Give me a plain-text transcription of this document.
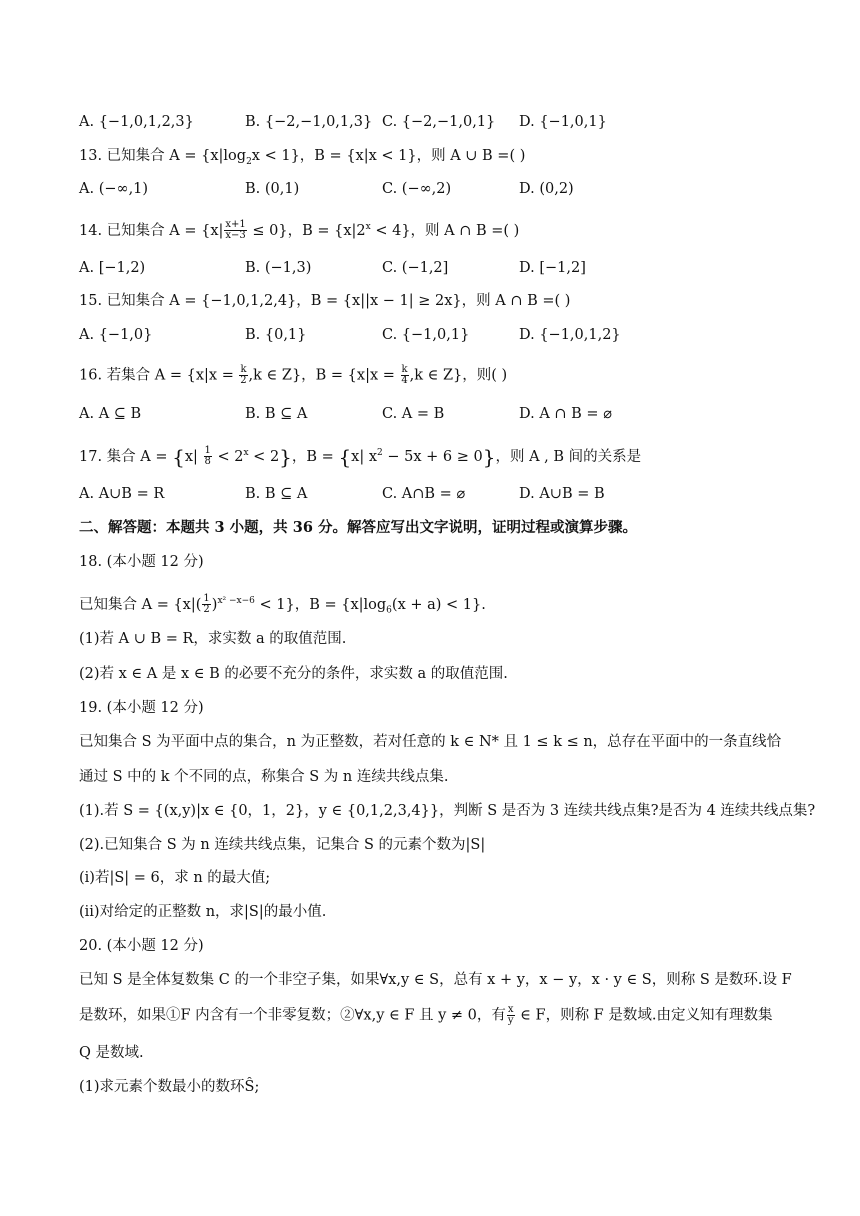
A. {−1,0,1,2,3}	B. {−2,−1,0,1,3} C. {−2,−1,0,1} D. {−1,0,1}
13. 已知集合 $A = \{x|\log_2x < 1\}$，B = {x|x < 1}，则 A ∪ B =( )
A. (−∞,1)	B. (0,1)	C. (−∞,2)	D. (0,2)
14. 已知集合 $A = \{x| \frac{x+1}{x-3} \le 0\}$，$B = \{x|2^x < 4\}$，则 A ∩ B =( )
A. [−1,2)	B. (−1,3)	C. (−1,2]	D. [−1,2]
15. 已知集合 A = {−1,0,1,2,4}，B = {x||x − 1| ≥ 2x}，则 A ∩ B =( )
A. {−1,0}	B. {0,1}	C. {−1,0,1}	D. {−1,0,1,2}
16. 若集合 $A = \{x|x = \frac{k}{2} ,k$ ∈ Z}，$B = \{x|x = \frac{k}{4} ,k$ ∈ Z}，则( )
A. A ⊆ B	B. B ⊆ A	C. A = B	D. A ∩ B = ⌀
17. 集合 $A = \{x| \frac{1}{8} < 2^x < 2\}$，B = {x| $x^2 - 5x + 6 \ge 0$}，则 A , B 间的关系是
A. A∪B = R	B. B ⊆ A	C. A∩B = ⌀	D. A∪B = B
二、解答题：本题共 3 小题，共 36 分。解答应写出文字说明，证明过程或演算步骤。
18. (本小题 12 分)
已知集合 $A = \{x|( \frac{1}{2} )^{x^2 -x-6} < 1\}$，$B = \{x|\log_6(x + a) < 1\}$.
(1)若 A ∪ B = R，求实数 a 的取值范围.
(2)若 x ∈ A 是 x ∈ B 的必要不充分的条件，求实数 a 的取值范围.
19. (本小题 12 分)
已知集合 S 为平面中点的集合，n 为正整数，若对任意的 k ∈ N* 且 1 ≤ k ≤ n，总存在平面中的一条直线恰
通过 S 中的 k 个不同的点，称集合 S 为 n 连续共线点集.
(1).若 S = {(x,y)|x ∈ {0，1，2}，y ∈ {0,1,2,3,4}}，判断 S 是否为 3 连续共线点集?是否为 4 连续共线点集?
(2).已知集合 S 为 n 连续共线点集，记集合 S 的元素个数为|S|
(ⅰ)若|S| = 6，求 n 的最大值;
(ⅱ)对给定的正整数 n，求|S|的最小值.
20. (本小题 12 分)
已知 S 是全体复数集 C 的一个非空子集，如果∀x,y ∈ S，总有 x + y，x − y，x · y ∈ S，则称 S 是数环.设 F
是数环，如果①F 内含有一个非零复数；②∀x,y ∈ F 且 y ≠ 0，有 $\frac{x}{y}$ ∈ F，则称 F 是数域.由定义知有理数集
Q 是数域.
(1)求元素个数最小的数环Ŝ;
